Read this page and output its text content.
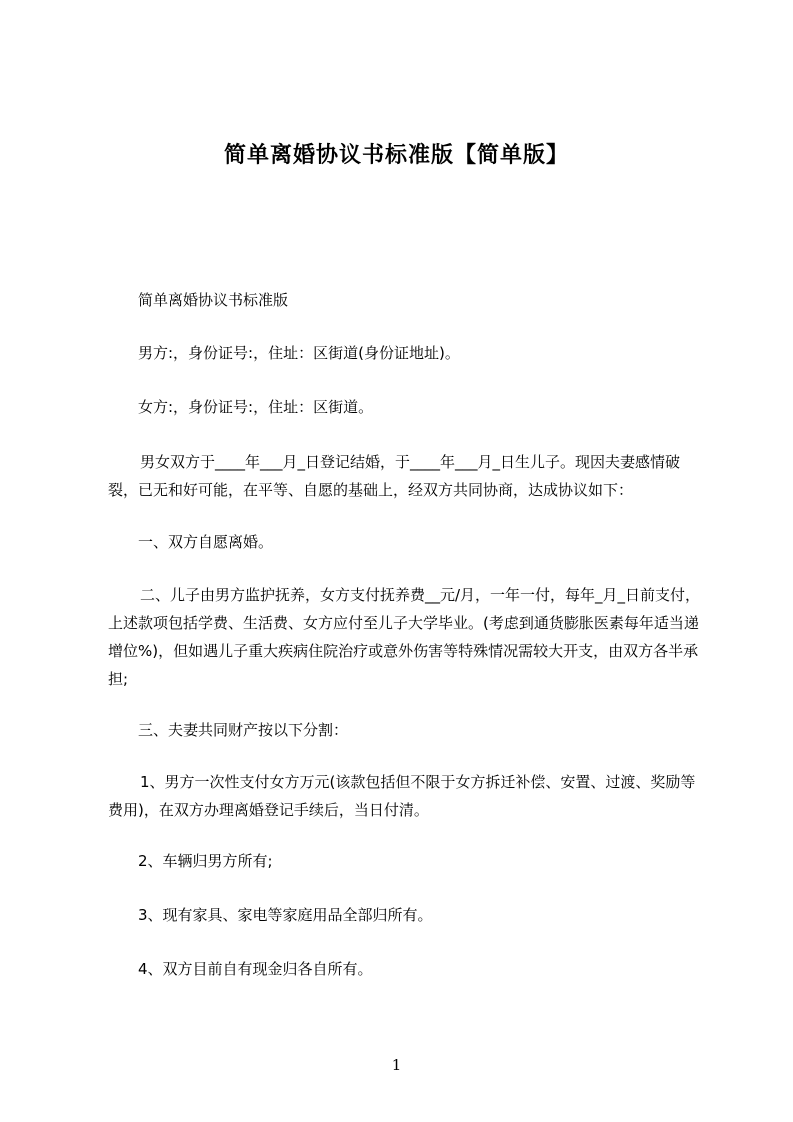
简单离婚协议书标准版【简单版】
简单离婚协议书标准版
男方:，身份证号:，住址：区街道(身份证地址)。
女方:，身份证号:，住址：区街道。
男女双方于____年___月_日登记结婚，于____年___月_日生儿子。现因夫妻感情破裂，已无和好可能，在平等、自愿的基础上，经双方共同协商，达成协议如下：
一、双方自愿离婚。
二、儿子由男方监护抚养，女方支付抚养费__元/月，一年一付，每年_月_日前支付，上述款项包括学费、生活费、女方应付至儿子大学毕业。(考虑到通货膨胀医素每年适当递增位%)，但如遇儿子重大疾病住院治疗或意外伤害等特殊情况需较大开支，由双方各半承担;
三、夫妻共同财产按以下分割：
1、男方一次性支付女方万元(该款包括但不限于女方拆迁补偿、安置、过渡、奖励等费用)，在双方办理离婚登记手续后，当日付清。
2、车辆归男方所有;
3、现有家具、家电等家庭用品全部归所有。
4、双方目前自有现金归各自所有。
1
